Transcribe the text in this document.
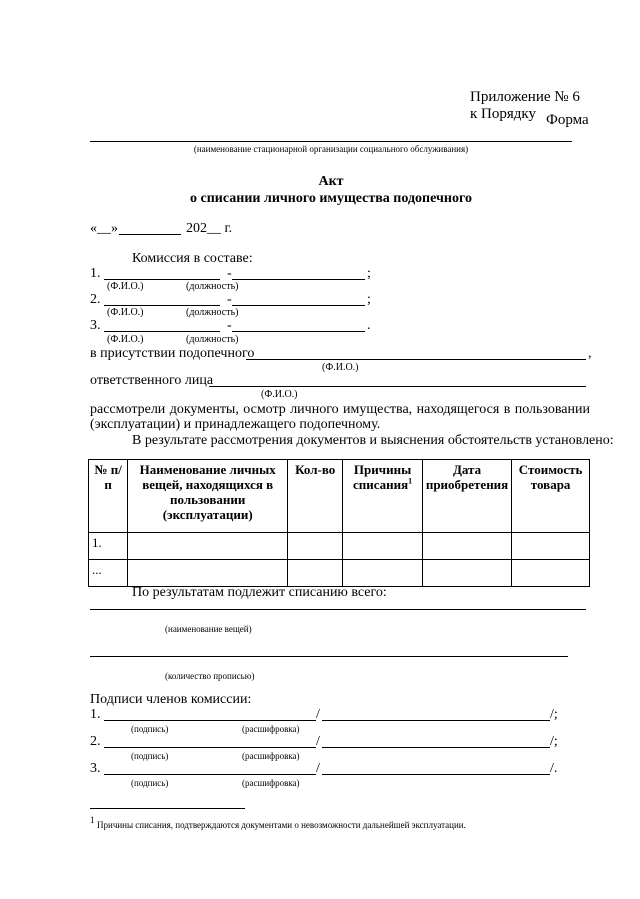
Приложение № 6
к Порядку Форма
(наименование стационарной организации социального обслуживания)
Акт
о списании личного имущества подопечного
«__»	202__ г.
Комиссия в составе:
1.	-	;
(Ф.И.О.)	(должность)
2.	-	;
(Ф.И.О.)	(должность)
3.	-	.
(Ф.И.О.)	(должность)
в присутствии подопечного	,
(Ф.И.О.)
ответственного лица
(Ф.И.О.)
рассмотрели документы, осмотр личного имущества, находящегося в пользовании
(эксплуатации) и принадлежащего подопечному.
В результате рассмотрения документов и выяснения обстоятельств установлено:
№ п/п	Наименование личных вещей, находящихся в пользовании (эксплуатации)	Кол-во	Причины списания$^1$	Дата приобретения	Стоимость товара
1.					
...					
По результатам подлежит списанию всего:
(наименование вещей)
(количество прописью)
Подписи членов комиссии:
1.	/	/;
(подпись)	(расшифровка)
2.	/	/;
(подпись)	(расшифровка)
3.	/	/.
(подпись)	(расшифровка)
1 Причины списания, подтверждаются документами о невозможности дальнейшей эксплуатации.
